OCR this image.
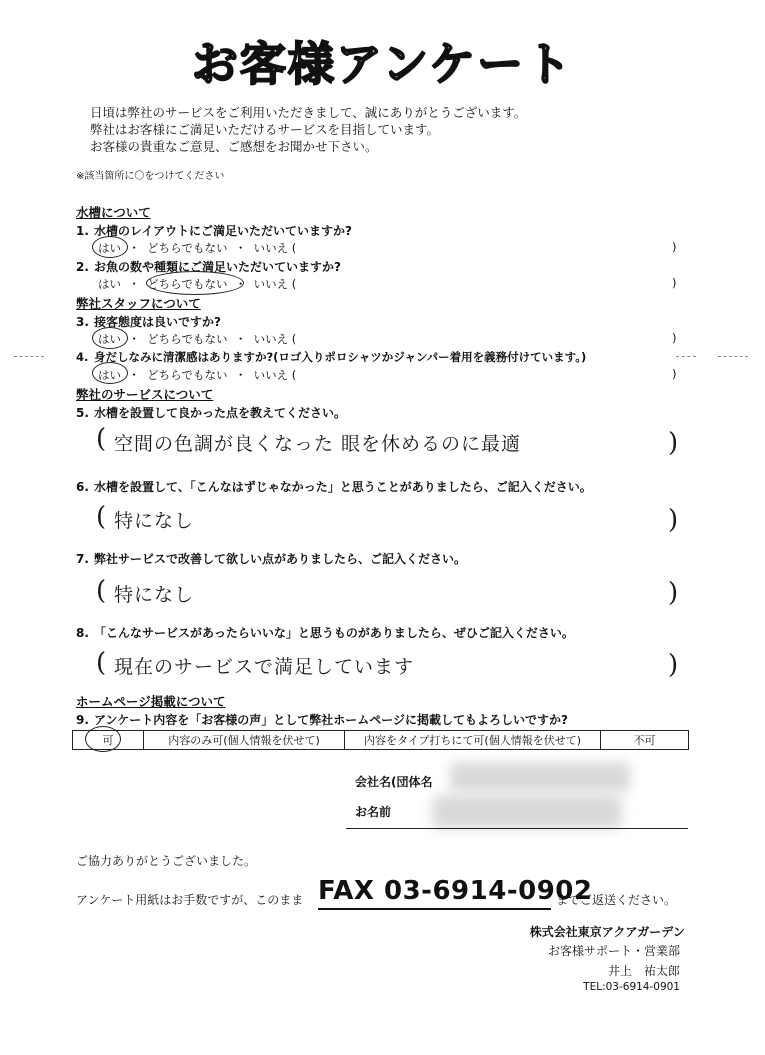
お客様アンケート
日頃は弊社のサービスをご利用いただきまして、誠にありがとうございます。
弊社はお客様にご満足いただけるサービスを目指しています。
お客様の貴重なご意見、ご感想をお聞かせ下さい。
※該当箇所に〇をつけてください
水槽について
1. 水槽のレイアウトにご満足いただいていますか?
はい ・ どちらでもない ・ いいえ (	)
2. お魚の数や種類にご満足いただいていますか?
はい ・ どちらでもない ・ いいえ (	)
弊社スタッフについて
3. 接客態度は良いですか?
はい ・ どちらでもない ・ いいえ (	)
4. 身だしなみに清潔感はありますか?(ロゴ入りポロシャツかジャンパー着用を義務付けています。)
はい ・ どちらでもない ・ いいえ (	)
弊社のサービスについて
5. 水槽を設置して良かった点を教えてください。
( 空間の色調が良くなった 眼を休めるのに最適	)
6. 水槽を設置して、「こんなはずじゃなかった」と思うことがありましたら、ご記入ください。
( 特になし	)
7. 弊社サービスで改善して欲しい点がありましたら、ご記入ください。
( 特になし	)
8. 「こんなサービスがあったらいいな」と思うものがありましたら、ぜひご記入ください。
( 現在のサービスで満足しています	)
ホームページ掲載について
9. アンケート内容を「お客様の声」として弊社ホームページに掲載してもよろしいですか?
可	内容のみ可(個人情報を伏せて)	内容をタイプ打ちにて可(個人情報を伏せて)	不可
会社名(団体名
お名前
ご協力ありがとうございました。
アンケート用紙はお手数ですが、このまま FAX 03-6914-0902
までご返送ください。
株式会社東京アクアガーデン
お客様サポート・営業部
井上　祐太郎
TEL:03-6914-0901
